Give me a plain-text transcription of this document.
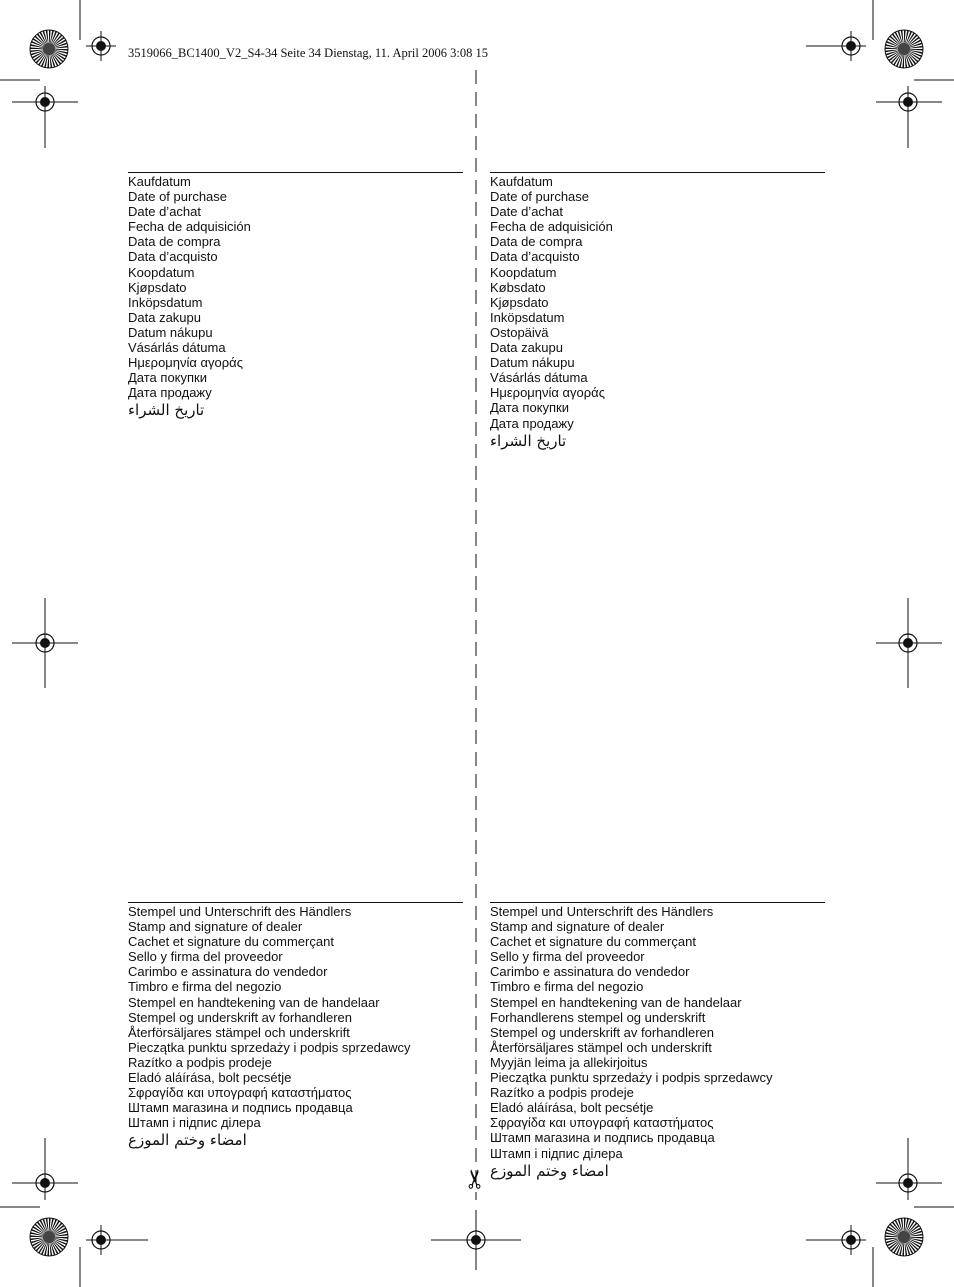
3519066_BC1400_V2_S4-34 Seite 34 Dienstag, 11. April 2006 3:08 15
Kaufdatum
Date of purchase
Date d’achat
Fecha de adquisición
Data de compra
Data d’acquisto
Koopdatum
Kjøpsdato
Inköpsdatum
Data zakupu
Datum nákupu
Vásárlás dátuma
Ημερομηνία αγοράς
Дата покупки
Дата продажу
تاريخ الشراء
Stempel und Unterschrift des Händlers
Stamp and signature of dealer
Cachet et signature du commerçant
Sello y firma del proveedor
Carimbo e assinatura do vendedor
Timbro e firma del negozio
Stempel en handtekening van de handelaar
Stempel og underskrift av forhandleren
Återförsäljares stämpel och underskrift
Pieczątka punktu sprzedaży i podpis sprzedawcy
Razítko a podpis prodeje
Eladó aláírása, bolt pecsétje
Σφραγίδα και υπογραφή καταστήματος
Штамп магазина и подпись продавца
Штамп і підпис ділера
امضاء وختم الموزع
Kaufdatum
Date of purchase
Date d’achat
Fecha de adquisición
Data de compra
Data d’acquisto
Koopdatum
Købsdato
Kjøpsdato
Inköpsdatum
Ostopäivä
Data zakupu
Datum nákupu
Vásárlás dátuma
Ημερομηνία αγοράς
Дата покупки
Дата продажу
تاريخ الشراء
Stempel und Unterschrift des Händlers
Stamp and signature of dealer
Cachet et signature du commerçant
Sello y firma del proveedor
Carimbo e assinatura do vendedor
Timbro e firma del negozio
Stempel en handtekening van de handelaar
Forhandlerens stempel og underskrift
Stempel og underskrift av forhandleren
Återförsäljares stämpel och underskrift
Myyjän leima ja allekirjoitus
Pieczątka punktu sprzedaży i podpis sprzedawcy
Razítko a podpis prodeje
Eladó aláírása, bolt pecsétje
Σφραγίδα και υπογραφή καταστήματος
Штамп магазина и подпись продавца
Штамп і підпис ділера
امضاء وختم الموزع
✂
